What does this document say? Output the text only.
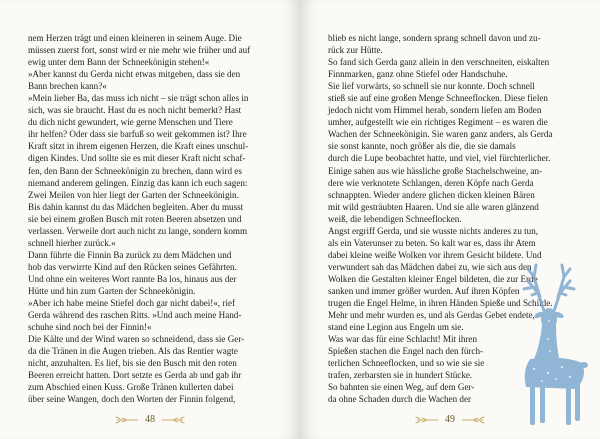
nem Herzen trägt und einen kleineren in seinem Auge. Die

müssen zuerst fort, sonst wird er nie mehr wie früher und auf

ewig unter dem Bann der Schneekönigin stehen!«

»Aber kannst du Gerda nicht etwas mitgeben, dass sie den

Bann brechen kann?«

»Mein lieber Ba, das muss ich nicht – sie trägt schon alles in

sich, was sie braucht. Hast du es noch nicht bemerkt? Hast

du dich nicht gewundert, wie gerne Menschen und Tiere

ihr helfen? Oder dass sie barfuß so weit gekommen ist? Ihre

Kraft sitzt in ihrem eigenen Herzen, die Kraft eines unschul-

digen Kindes. Und sollte sie es mit dieser Kraft nicht schaf-

fen, den Bann der Schneekönigin zu brechen, dann wird es

niemand anderem gelingen. Einzig das kann ich euch sagen:

Zwei Meilen von hier liegt der Garten der Schneekönigin.

Bis dahin kannst du das Mädchen begleiten. Aber du musst

sie bei einem großen Busch mit roten Beeren absetzen und

verlassen. Verweile dort auch nicht zu lange, sondern komm

schnell hierher zurück.«

Dann führte die Finnin Ba zurück zu dem Mädchen und

hob das verwirrte Kind auf den Rücken seines Gefährten.

Und ohne ein weiteres Wort rannte Ba los, hinaus aus der

Hütte und hin zum Garten der Schneekönigin.

»Aber ich habe meine Stiefel doch gar nicht dabei!«, rief

Gerda während des raschen Ritts. »Und auch meine Hand-

schuhe sind noch bei der Finnin!«

Die Kälte und der Wind waren so schneidend, dass sie Ger-

da die Tränen in die Augen trieben. Als das Rentier wagte

nicht, anzuhalten. Es lief, bis sie den Busch mit den roten

Beeren erreicht hatten. Dort setzte es Gerda ab und gab ihr

zum Abschied einen Kuss. Große Tränen kullerten dabei

über seine Wangen, doch den Worten der Finnin folgend,

48

blieb es nicht lange, sondern sprang schnell davon und zu-

rück zur Hütte.

So fand sich Gerda ganz allein in den verschneiten, eiskalten

Finnmarken, ganz ohne Stiefel oder Handschuhe.

Sie lief vorwärts, so schnell sie nur konnte. Doch schnell

stieß sie auf eine großen Menge Schneeflocken. Diese fielen

jedoch nicht vom Himmel herab, sondern liefen am Boden

umher, aufgestellt wie ein richtiges Regiment – es waren die

Wachen der Schneekönigin. Sie waren ganz anders, als Gerda

sie sonst kannte, noch größer als die, die sie damals

durch die Lupe beobachtet hatte, und viel, viel fürchterlicher.

Einige sahen aus wie hässliche große Stachelschweine, an-

dere wie verknotete Schlangen, deren Köpfe nach Gerda

schnappten. Wieder andere glichen dicken kleinen Bären

mit wild gesträubten Haaren. Und sie alle waren glänzend

weiß, die lebendigen Schneeflocken.

Angst ergriff Gerda, und sie wusste nichts anderes zu tun,

als ein Vaterunser zu beten. So kalt war es, dass ihr Atem

dabei kleine weiße Wolken vor ihrem Gesicht bildete. Und

verwundert sah das Mädchen dabei zu, wie sich aus den

Wolken die Gestalten kleiner Engel bildeten, die zur Erde

sanken und immer größer wurden. Auf ihren Köpfen

trugen die Engel Helme, in ihren Händen Spieße und Schilde.

Mehr und mehr wurden es, und als Gerdas Gebet endete,

stand eine Legion aus Engeln um sie.

Was war das für eine Schlacht! Mit ihren

Spießen stachen die Engel nach den fürch-

terlichen Schneeflocken, und so wie sie sie

trafen, zerbarsten sie in hundert Stücke.

So bahnten sie einen Weg, auf dem Ger-

da ohne Schaden durch die Wachen der

49
